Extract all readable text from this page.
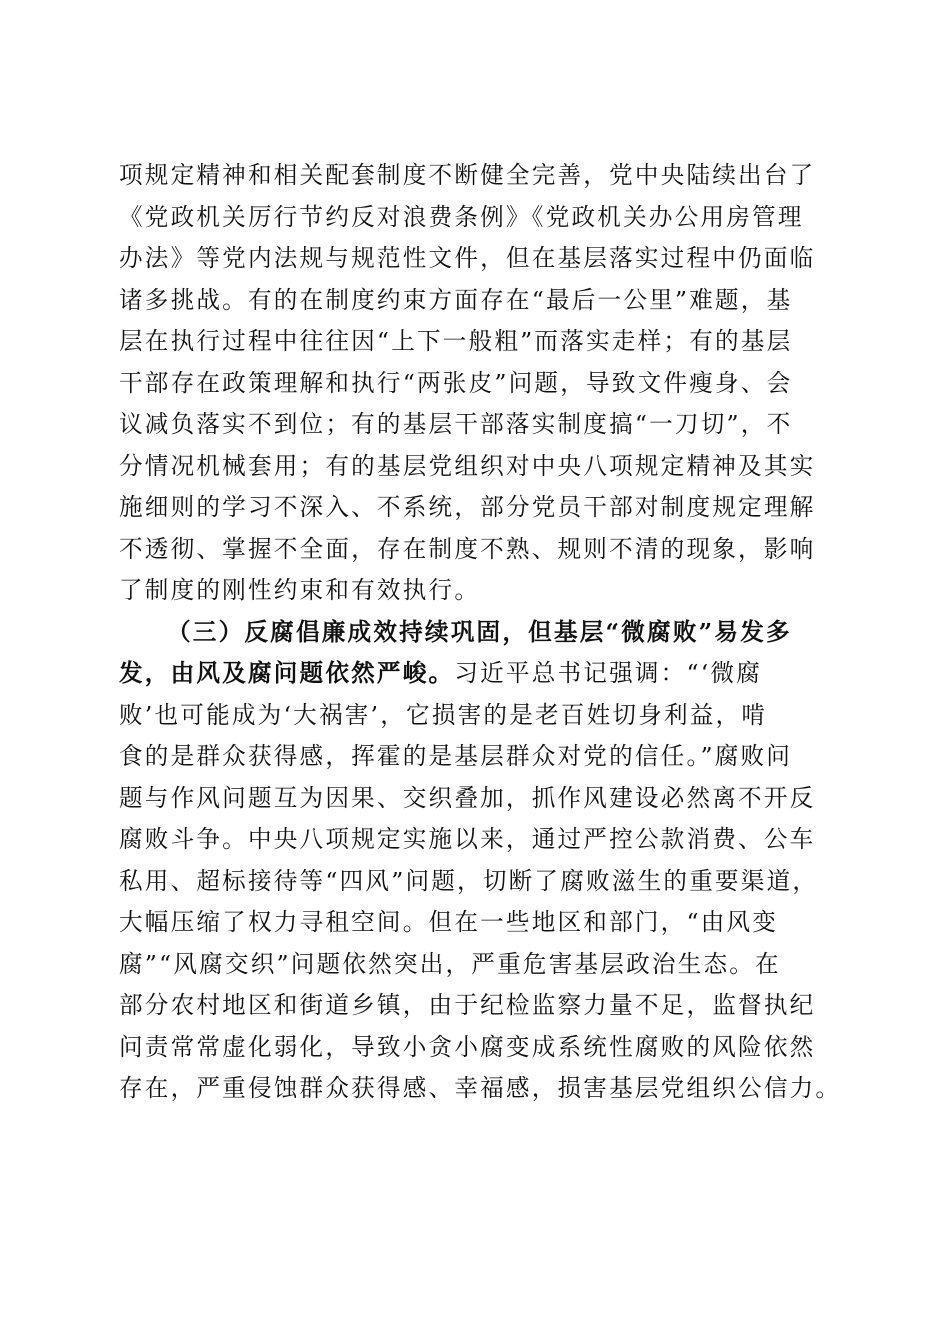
项规定精神和相关配套制度不断健全完善，党中央陆续出台了
《党政机关厉行节约反对浪费条例》《党政机关办公用房管理
办法》等党内法规与规范性文件，但在基层落实过程中仍面临
诸多挑战。有的在制度约束方面存在“最后一公里”难题，基
层在执行过程中往往因“上下一般粗”而落实走样；有的基层
干部存在政策理解和执行“两张皮”问题，导致文件瘦身、会
议减负落实不到位；有的基层干部落实制度搞“一刀切”，不
分情况机械套用；有的基层党组织对中央八项规定精神及其实
施细则的学习不深入、不系统，部分党员干部对制度规定理解
不透彻、掌握不全面，存在制度不熟、规则不清的现象，影响
了制度的刚性约束和有效执行。
（三）反腐倡廉成效持续巩固，但基层“微腐败”易发多
发，由风及腐问题依然严峻。习近平总书记强调：“‘微腐
败’也可能成为‘大祸害’，它损害的是老百姓切身利益，啃
食的是群众获得感，挥霍的是基层群众对党的信任。”腐败问
题与作风问题互为因果、交织叠加，抓作风建设必然离不开反
腐败斗争。中央八项规定实施以来，通过严控公款消费、公车
私用、超标接待等“四风”问题，切断了腐败滋生的重要渠道，
大幅压缩了权力寻租空间。但在一些地区和部门，“由风变
腐”“风腐交织”问题依然突出，严重危害基层政治生态。在
部分农村地区和街道乡镇，由于纪检监察力量不足，监督执纪
问责常常虚化弱化，导致小贪小腐变成系统性腐败的风险依然
存在，严重侵蚀群众获得感、幸福感，损害基层党组织公信力。
